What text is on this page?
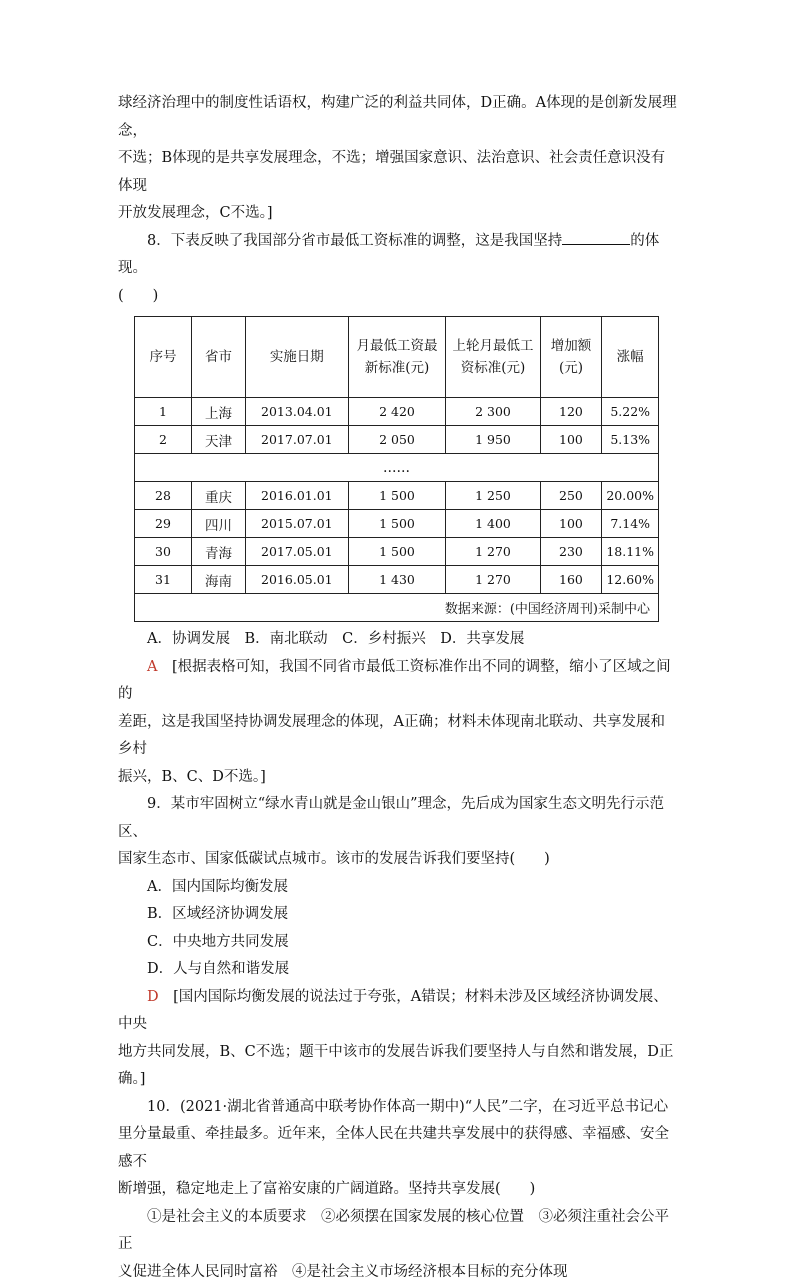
球经济治理中的制度性话语权，构建广泛的利益共同体，D正确。A体现的是创新发展理念，

不选；B体现的是共享发展理念，不选；增强国家意识、法治意识、社会责任意识没有体现

开放发展理念，C不选。]

8．下表反映了我国部分省市最低工资标准的调整，这是我国坚持	的体现。

(　　)

序号	省市	实施日期	月最低工资最新标准(元)	上轮月最低工资标准(元)	增加额(元)	涨幅
1	上海	2013.04.01	2 420	2 300	120	5.22%
2	天津	2017.07.01	2 050	1 950	100	5.13%
……						
28	重庆	2016.01.01	1 500	1 250	250	20.00%
29	四川	2015.07.01	1 500	1 400	100	7.14%
30	青海	2017.05.01	1 500	1 270	230	18.11%
31	海南	2016.05.01	1 430	1 270	160	12.60%
数据来源：(中国经济周刊)采制中心						

A．协调发展　B．南北联动　C．乡村振兴　D．共享发展

A　 [根据表格可知，我国不同省市最低工资标准作出不同的调整，缩小了区域之间的

差距，这是我国坚持协调发展理念的体现，A正确；材料未体现南北联动、共享发展和乡村

振兴，B、C、D不选。]

9．某市牢固树立“绿水青山就是金山银山”理念，先后成为国家生态文明先行示范区、

国家生态市、国家低碳试点城市。该市的发展告诉我们要坚持(　　)

A．国内国际均衡发展

B．区域经济协调发展

C．中央地方共同发展

D．人与自然和谐发展

D　 [国内国际均衡发展的说法过于夸张，A错误；材料未涉及区域经济协调发展、中央

地方共同发展，B、C不选；题干中该市的发展告诉我们要坚持人与自然和谐发展，D正

确。]

10．(2021·湖北省普通高中联考协作体高一期中)“人民”二字，在习近平总书记心

里分量最重、牵挂最多。近年来，全体人民在共建共享发展中的获得感、幸福感、安全感不

断增强，稳定地走上了富裕安康的广阔道路。坚持共享发展(　　)

①是社会主义的本质要求　②必须摆在国家发展的核心位置　③必须注重社会公平正

义促进全体人民同时富裕　④是社会主义市场经济根本目标的充分体现
